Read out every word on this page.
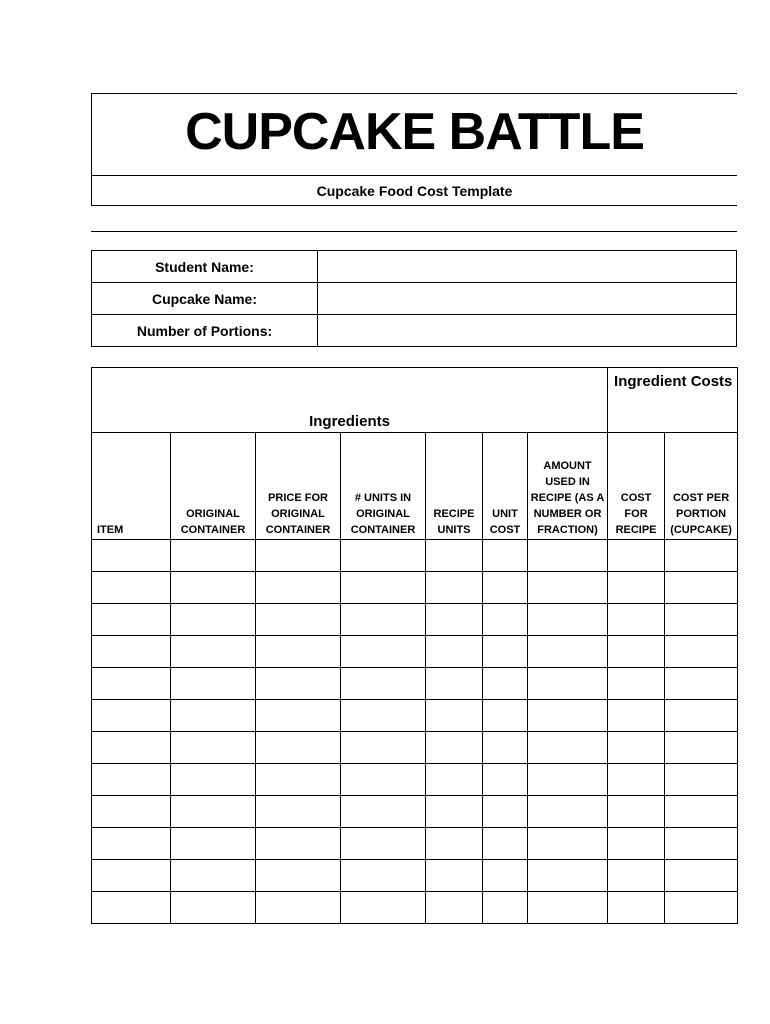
CUPCAKE BATTLE
Cupcake Food Cost Template
Student Name:	
Cupcake Name:	
Number of Portions:	
Ingredients							Ingredient Costs	
ITEM	ORIGINAL CONTAINER	PRICE FOR ORIGINAL CONTAINER	# UNITS IN ORIGINAL CONTAINER	RECIPE UNITS	UNIT COST	AMOUNT USED IN RECIPE (AS A NUMBER OR FRACTION)	COST FOR RECIPE	COST PER PORTION (CUPCAKE)
